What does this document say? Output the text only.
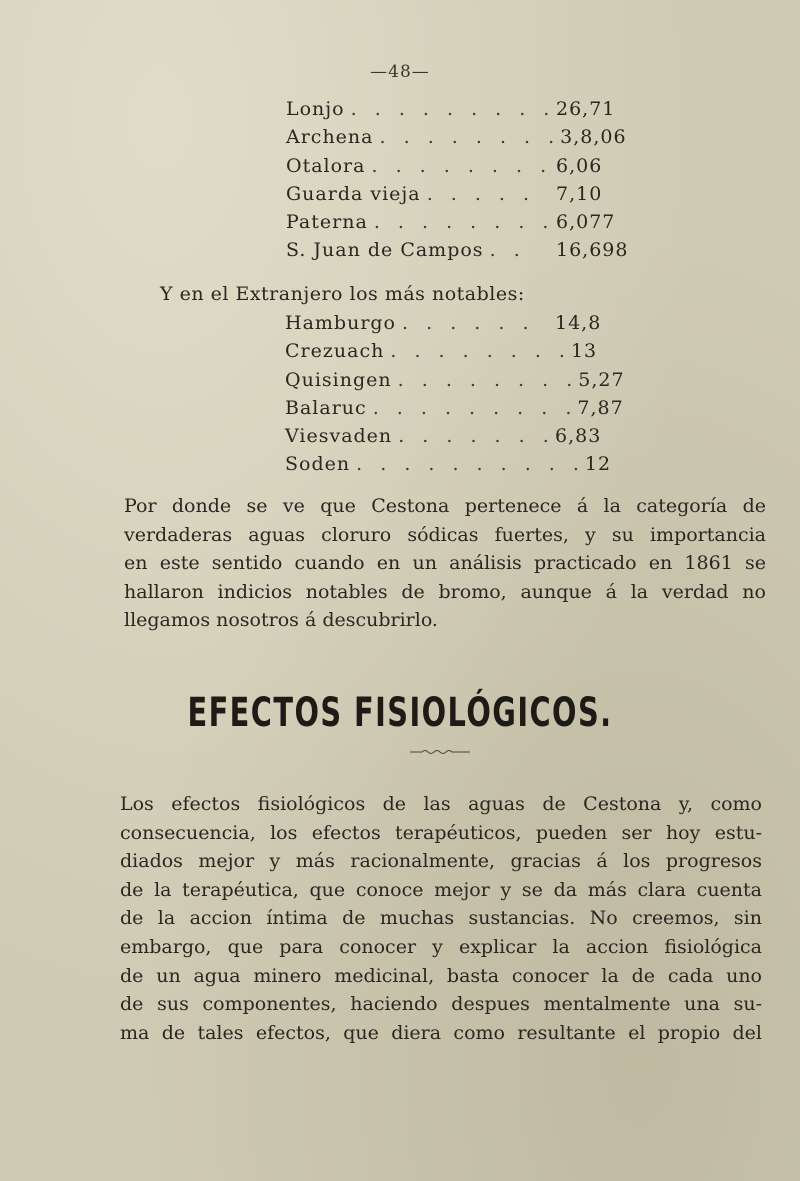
—48—
Lonjo . . . . . . . . . 26,71
Archena . . . . . . . . 3,8,06
Otalora . . . . . . . . 6,06
Guarda vieja . . . . .	7,10
Paterna . . . . . . . . 6,077
S. Juan de Campos . .	16,698
Y en el Extranjero los más notables:
Hamburgo . . . . . .	14,8
Crezuach . . . . . . . . 13
Quisingen . . . . . . . . 5,27
Balaruc . . . . . . . . . 7,87
Viesvaden . . . . . . . 6,83
Soden . . . . . . . . . . 12
Por donde se ve que Cestona pertenece á la categoría de
verdaderas aguas cloruro sódicas fuertes, y su importancia
en este sentido cuando en un análisis practicado en 1861 se
hallaron indicios notables de bromo, aunque á la verdad no
llegamos nosotros á descubrirlo.
EFECTOS FISIOLÓGICOS.
Los efectos fisiológicos de las aguas de Cestona y, como
consecuencia, los efectos terapéuticos, pueden ser hoy estu-
diados mejor y más racionalmente, gracias á los progresos
de la terapéutica, que conoce mejor y se da más clara cuenta
de la accion íntima de muchas sustancias. No creemos, sin
embargo, que para conocer y explicar la accion fisiológica
de un agua minero medicinal, basta conocer la de cada uno
de sus componentes, haciendo despues mentalmente una su-
ma de tales efectos, que diera como resultante el propio del
